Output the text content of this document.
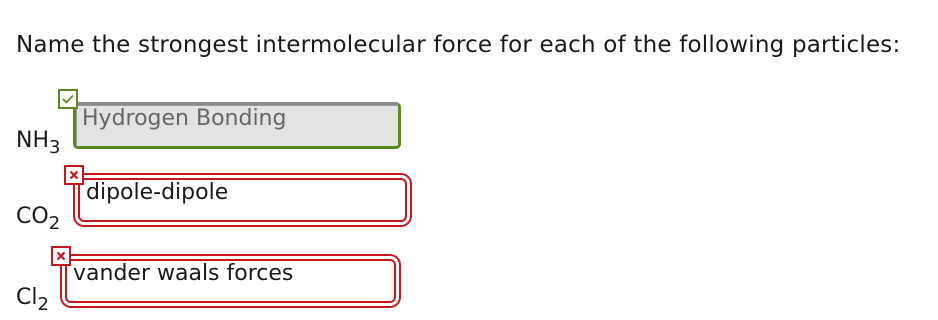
Name the strongest intermolecular force for each of the following particles:
$NH_3$
Hydrogen Bonding
$CO_2$
dipole-dipole
$Cl_2$
vander waals forces
